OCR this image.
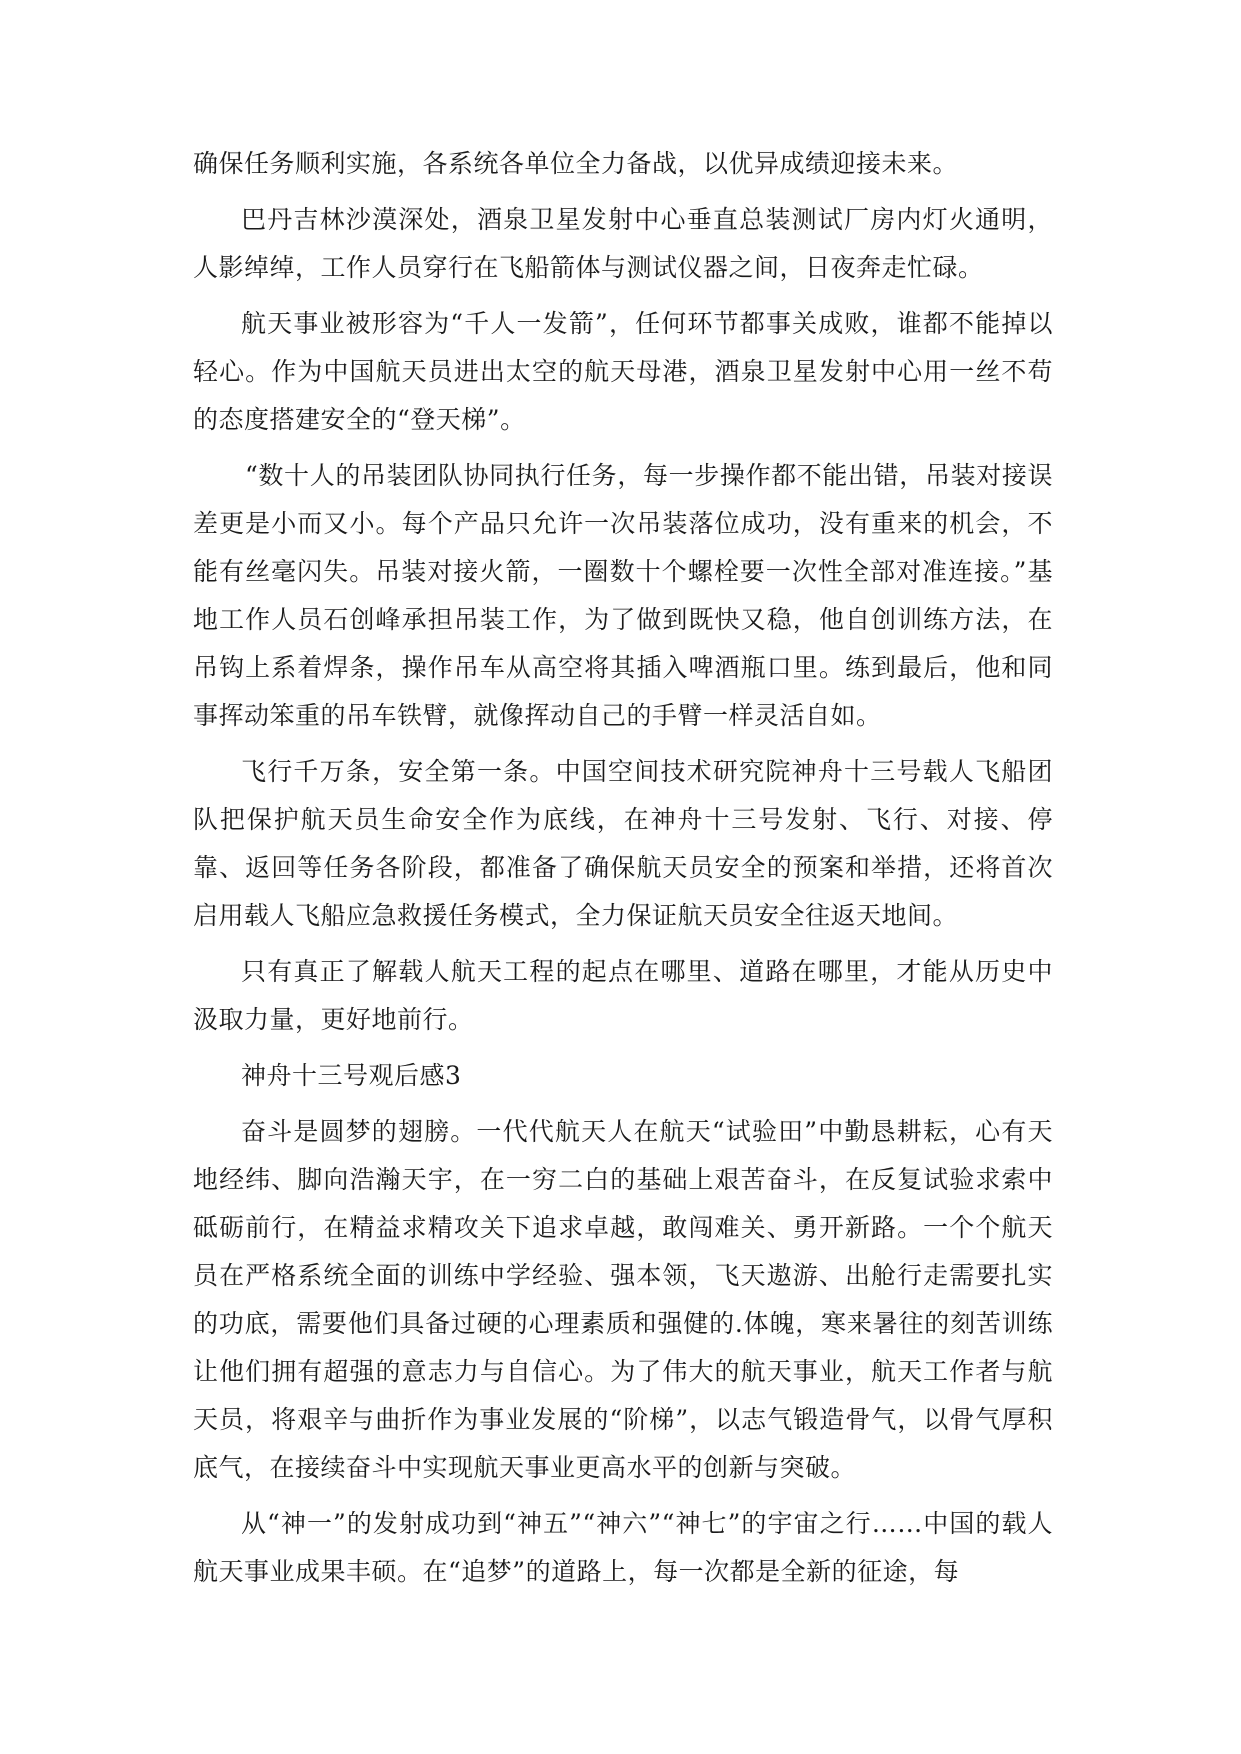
确保任务顺利实施，各系统各单位全力备战，以优异成绩迎接未来。

巴丹吉林沙漠深处，酒泉卫星发射中心垂直总装测试厂房内灯火通明，人影绰绰，工作人员穿行在飞船箭体与测试仪器之间，日夜奔走忙碌。

航天事业被形容为“千人一发箭”，任何环节都事关成败，谁都不能掉以轻心。作为中国航天员进出太空的航天母港，酒泉卫星发射中心用一丝不苟的态度搭建安全的“登天梯”。

“数十人的吊装团队协同执行任务，每一步操作都不能出错，吊装对接误差更是小而又小。每个产品只允许一次吊装落位成功，没有重来的机会，不能有丝毫闪失。吊装对接火箭，一圈数十个螺栓要一次性全部对准连接。”基地工作人员石创峰承担吊装工作，为了做到既快又稳，他自创训练方法，在吊钩上系着焊条，操作吊车从高空将其插入啤酒瓶口里。练到最后，他和同事挥动笨重的吊车铁臂，就像挥动自己的手臂一样灵活自如。

飞行千万条，安全第一条。中国空间技术研究院神舟十三号载人飞船团队把保护航天员生命安全作为底线，在神舟十三号发射、飞行、对接、停靠、返回等任务各阶段，都准备了确保航天员安全的预案和举措，还将首次启用载人飞船应急救援任务模式，全力保证航天员安全往返天地间。

只有真正了解载人航天工程的起点在哪里、道路在哪里，才能从历史中汲取力量，更好地前行。

神舟十三号观后感3

奋斗是圆梦的翅膀。一代代航天人在航天“试验田”中勤恳耕耘，心有天地经纬、脚向浩瀚天宇，在一穷二白的基础上艰苦奋斗，在反复试验求索中砥砺前行，在精益求精攻关下追求卓越，敢闯难关、勇开新路。一个个航天员在严格系统全面的训练中学经验、强本领，飞天遨游、出舱行走需要扎实的功底，需要他们具备过硬的心理素质和强健的.体魄，寒来暑往的刻苦训练让他们拥有超强的意志力与自信心。为了伟大的航天事业，航天工作者与航天员，将艰辛与曲折作为事业发展的“阶梯”，以志气锻造骨气，以骨气厚积底气，在接续奋斗中实现航天事业更高水平的创新与突破。

从“神一”的发射成功到“神五”“神六”“神七”的宇宙之行……中国的载人航天事业成果丰硕。在“追梦”的道路上，每一次都是全新的征途，每
